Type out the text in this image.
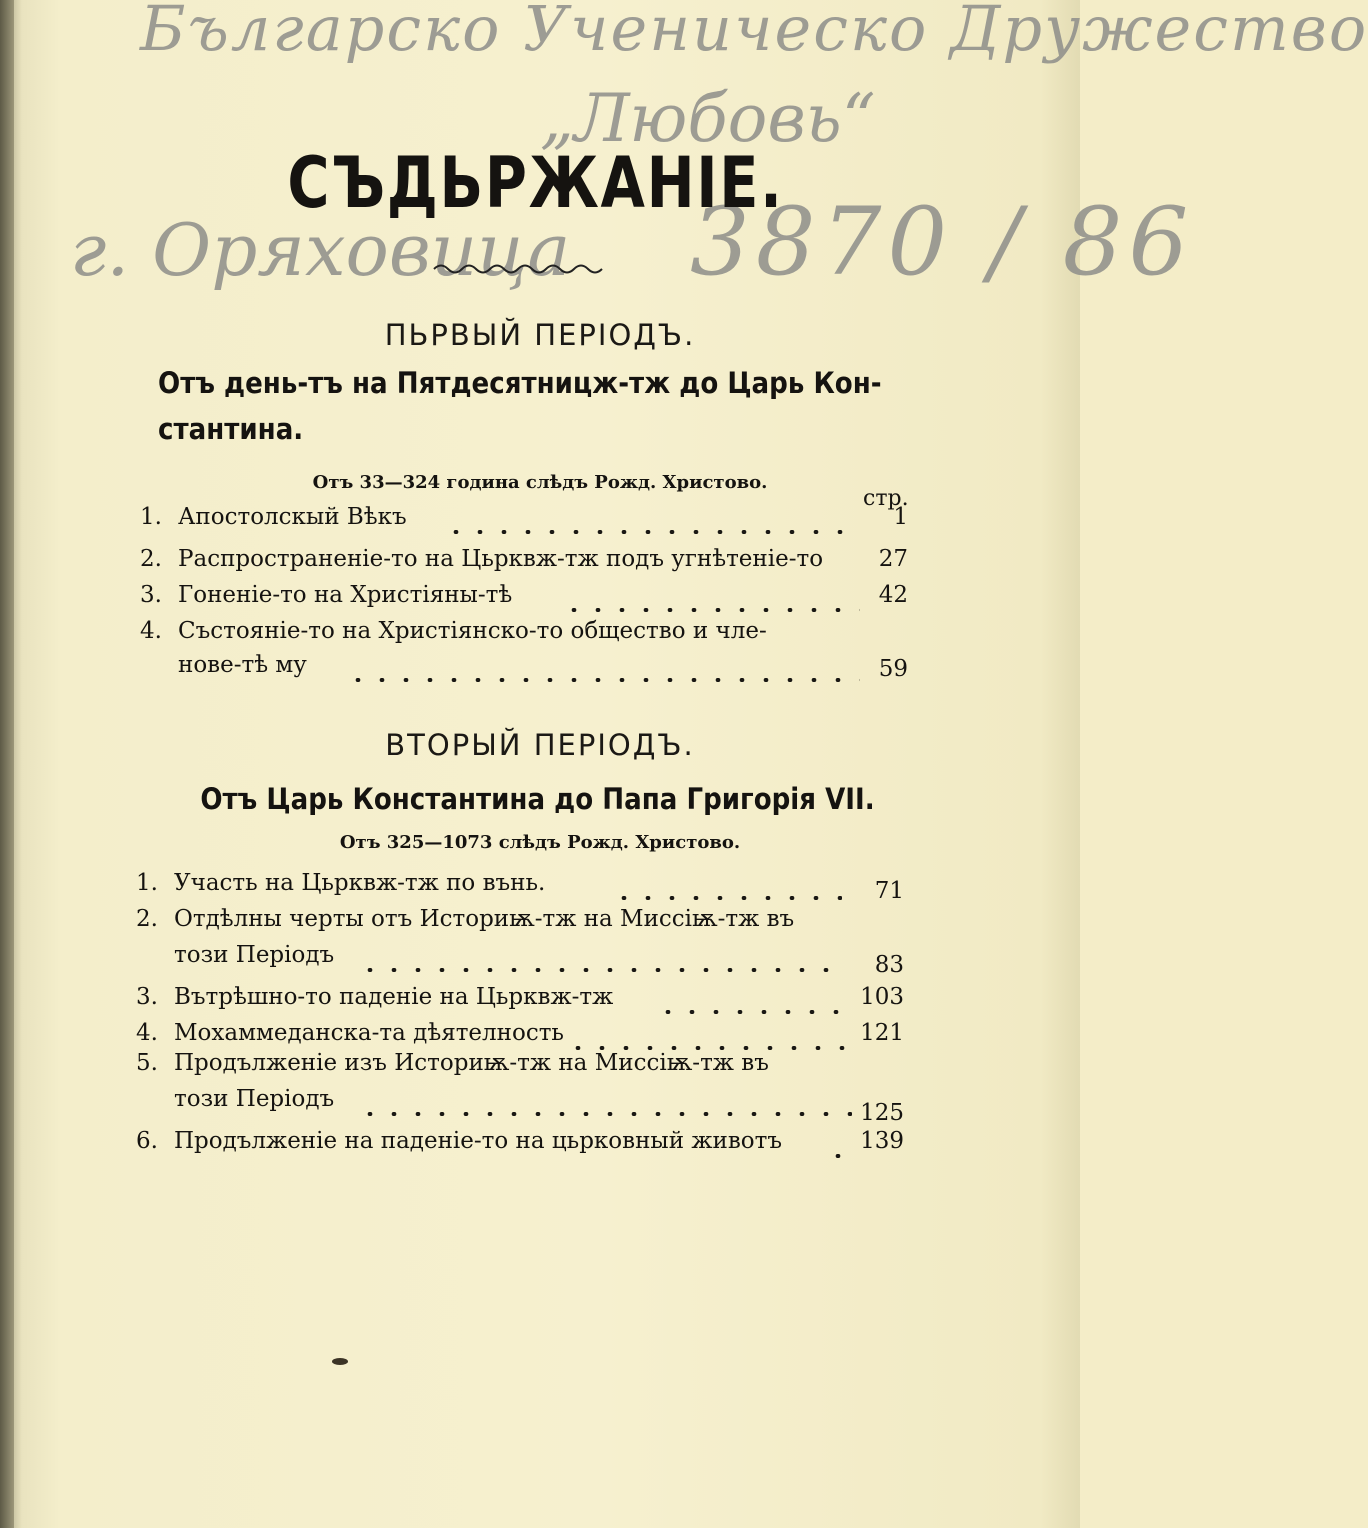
Българско Ученическо Дружество
„Любовь“
г. Оряховица 3870 / 86
СЪДЬРЖАНІЕ.
ПЬРВЫЙ ПЕРІОДЪ.
Отъ день-тъ на Пятдесятницж-тж до Царь Кон-
стантина.
Отъ 33—324 година слѣдъ Рожд. Христово.
стр.
1. Апостолскый Вѣкъ	1
2. Распространеніе-то на Цьрквж-тж подъ угнѣтеніе-то	27
3. Гоненіе-то на Христіяны-тѣ	42
4. Състояніе-то на Христіянско-то общество и чле-
нове-тѣ му	59
ВТОРЫЙ ПЕРІОДЪ.
Отъ Царь Константина до Папа Григорія VII.
Отъ 325—1073 слѣдъ Рожд. Христово.
1. Участь на Цьрквж-тж по вънь.	71
2. Отдѣлны черты отъ Историѭ-тж на Миссіѭ-тж въ
този Періодъ	83
3. Вътрѣшно-то паденіе на Цьрквж-тж	103
4. Мохаммеданска-та дѣятелность	121
5. Продълженіе изъ Историѭ-тж на Миссіѭ-тж въ
този Періодъ
125
6. Продълженіе на паденіе-то на цьрковный животъ	139
